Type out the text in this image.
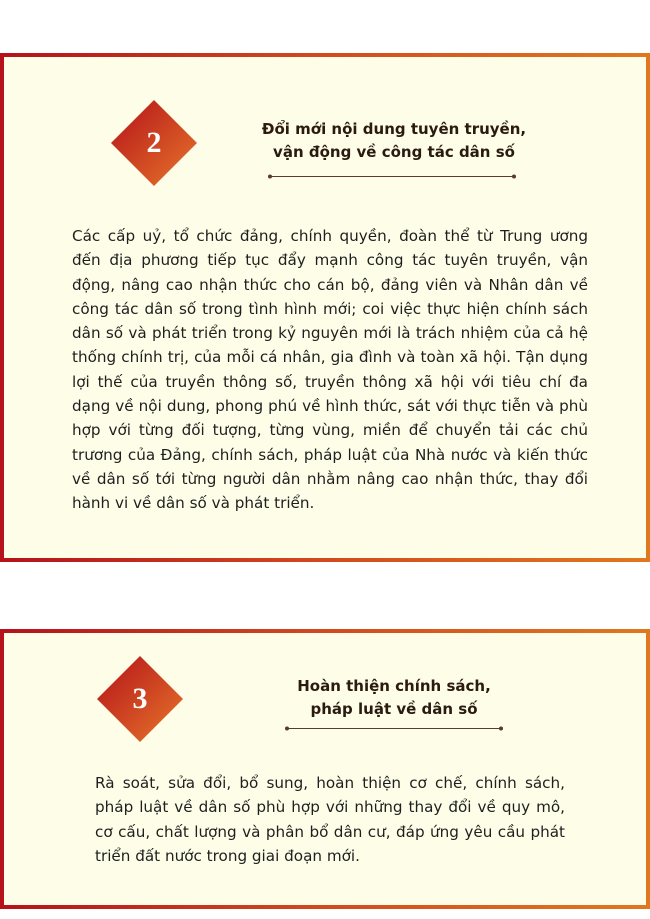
2	Đổi mới nội dung tuyên truyền,
vận động về công tác dân số
Các cấp uỷ, tổ chức đảng, chính quyền, đoàn thể từ Trung ương đến địa phương tiếp tục đẩy mạnh công tác tuyên truyền, vận động, nâng cao nhận thức cho cán bộ, đảng viên và Nhân dân về công tác dân số trong tình hình mới; coi việc thực hiện chính sách dân số và phát triển trong kỷ nguyên mới là trách nhiệm của cả hệ thống chính trị, của mỗi cá nhân, gia đình và toàn xã hội. Tận dụng lợi thế của truyền thông số, truyền thông xã hội với tiêu chí đa dạng về nội dung, phong phú về hình thức, sát với thực tiễn và phù hợp với từng đối tượng, từng vùng, miền để chuyển tải các chủ trương của Đảng, chính sách, pháp luật của Nhà nước và kiến thức về dân số tới từng người dân nhằm nâng cao nhận thức, thay đổi hành vi về dân số và phát triển.
3	Hoàn thiện chính sách,
pháp luật về dân số
Rà soát, sửa đổi, bổ sung, hoàn thiện cơ chế, chính sách, pháp luật về dân số phù hợp với những thay đổi về quy mô, cơ cấu, chất lượng và phân bổ dân cư, đáp ứng yêu cầu phát triển đất nước trong giai đoạn mới.
